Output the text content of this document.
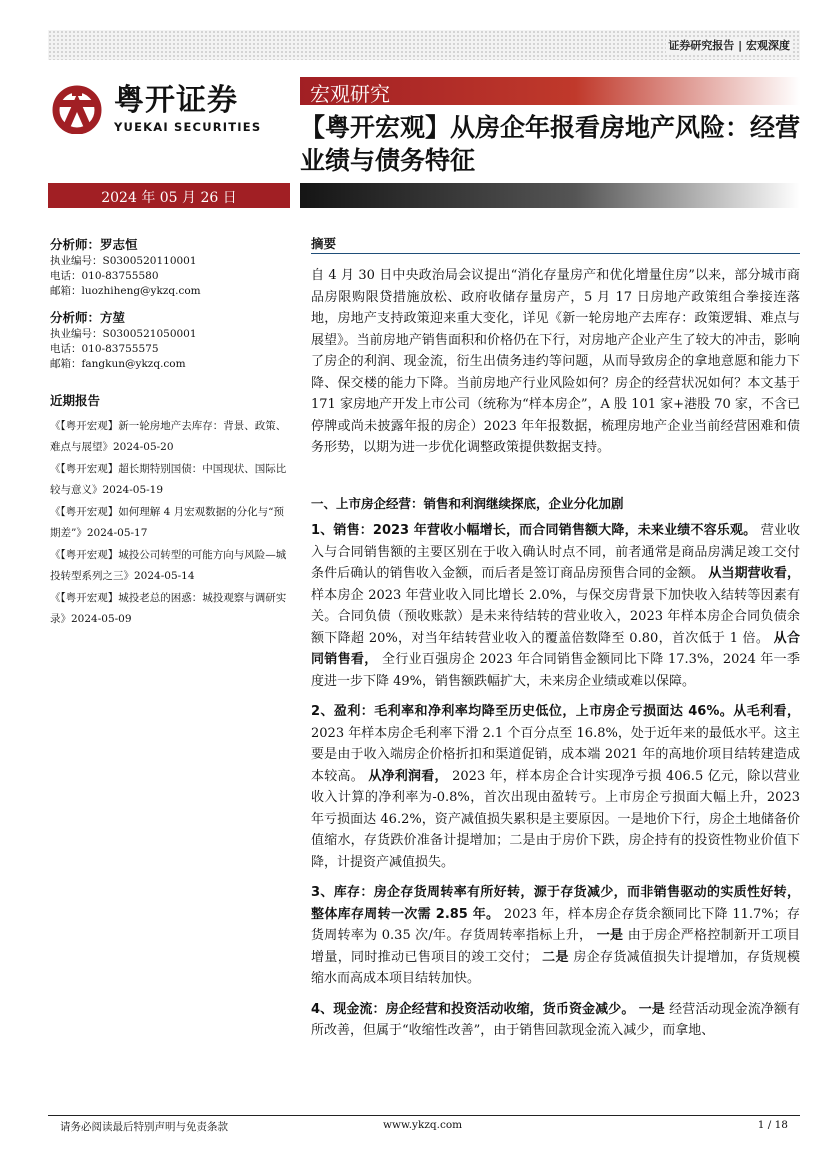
证券研究报告 | 宏观深度
粤开证券
YUEKAI SECURITIES
宏观研究
【粤开宏观】从房企年报看房地产风险：经营业绩与债务特征
2024 年 05 月 26 日

分析师：罗志恒

执业编号：S0300520110001

电话：010-83755580

邮箱：luozhiheng@ykzq.com

分析师：方堃

执业编号：S0300521050001

电话：010-83755575

邮箱：fangkun@ykzq.com

近期报告

《【粤开宏观】新一轮房地产去库存：背景、政策、难点与展望》2024-05-20

《【粤开宏观】超长期特别国债：中国现状、国际比较与意义》2024-05-19

《【粤开宏观】如何理解 4 月宏观数据的分化与“预期差”》2024-05-17

《【粤开宏观】城投公司转型的可能方向与风险—城投转型系列之三》2024-05-14

《【粤开宏观】城投老总的困惑：城投观察与调研实录》2024-05-09

摘要

自 4 月 30 日中央政治局会议提出“消化存量房产和优化增量住房”以来，部分城市商品房限购限贷措施放松、政府收储存量房产，5 月 17 日房地产政策组合拳接连落地，房地产支持政策迎来重大变化，详见《新一轮房地产去库存：政策逻辑、难点与展望》。当前房地产销售面积和价格仍在下行，对房地产企业产生了较大的冲击，影响了房企的利润、现金流，衍生出债务违约等问题，从而导致房企的拿地意愿和能力下降、保交楼的能力下降。当前房地产行业风险如何？房企的经营状况如何？本文基于 171 家房地产开发上市公司（统称为“样本房企”，A 股 101 家+港股 70 家，不含已停牌或尚未披露年报的房企）2023 年年报数据，梳理房地产企业当前经营困难和债务形势，以期为进一步优化调整政策提供数据支持。

一、上市房企经营：销售和利润继续探底，企业分化加剧

1、销售：2023 年营收小幅增长，而合同销售额大降，未来业绩不容乐观。 营业收入与合同销售额的主要区别在于收入确认时点不同，前者通常是商品房满足竣工交付条件后确认的销售收入金额，而后者是签订商品房预售合同的金额。 从当期营收看， 样本房企 2023 年营业收入同比增长 2.0%，与保交房背景下加快收入结转等因素有关。合同负债（预收账款）是未来待结转的营业收入，2023 年样本房企合同负债余额下降超 20%，对当年结转营业收入的覆盖倍数降至 0.80，首次低于 1 倍。 从合同销售看， 全行业百强房企 2023 年合同销售金额同比下降 17.3%，2024 年一季度进一步下降 49%，销售额跌幅扩大，未来房企业绩或难以保障。

2、盈利：毛利率和净利率均降至历史低位，上市房企亏损面达 46%。从毛利看， 2023 年样本房企毛利率下滑 2.1 个百分点至 16.8%，处于近年来的最低水平。这主要是由于收入端房企价格折扣和渠道促销，成本端 2021 年的高地价项目结转建造成本较高。 从净利润看， 2023 年，样本房企合计实现净亏损 406.5 亿元，除以营业收入计算的净利率为-0.8%，首次出现由盈转亏。上市房企亏损面大幅上升，2023 年亏损面达 46.2%，资产减值损失累积是主要原因。一是地价下行，房企土地储备价值缩水，存货跌价准备计提增加；二是由于房价下跌，房企持有的投资性物业价值下降，计提资产减值损失。

3、库存：房企存货周转率有所好转，源于存货减少，而非销售驱动的实质性好转，整体库存周转一次需 2.85 年。 2023 年，样本房企存货余额同比下降 11.7%；存货周转率为 0.35 次/年。存货周转率指标上升， 一是 由于房企严格控制新开工项目增量，同时推动已售项目的竣工交付； 二是 房企存货减值损失计提增加，存货规模缩水而高成本项目结转加快。

4、现金流：房企经营和投资活动收缩，货币资金减少。 一是 经营活动现金流净额有所改善，但属于“收缩性改善”，由于销售回款现金流入减少，而拿地、

请务必阅读最后特别声明与免责条款	www.ykzq.com	1 / 18
